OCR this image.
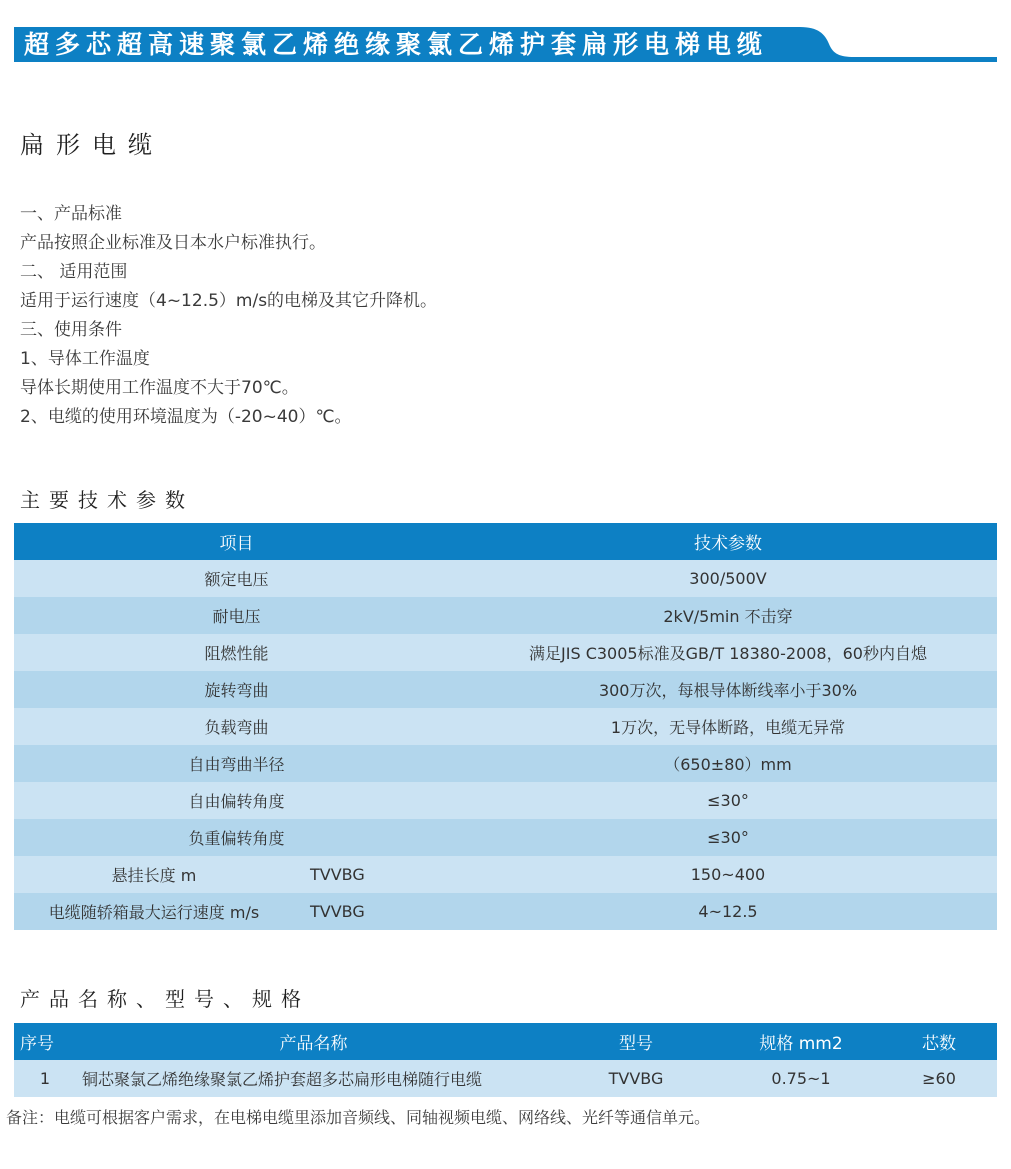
超多芯超高速聚氯乙烯绝缘聚氯乙烯护套扁形电梯电缆
扁形电缆
一、产品标准
产品按照企业标准及日本水户标准执行。
二、 适用范围
适用于运行速度（4~12.5）m/s的电梯及其它升降机。
三、使用条件
1、导体工作温度
导体长期使用工作温度不大于70℃。
2、电缆的使用环境温度为（-20~40）℃。
主要技术参数
项目	技术参数
额定电压	300/500V
耐电压	2kV/5min 不击穿
阻燃性能	满足JIS C3005标准及GB/T 18380-2008，60秒内自熄
旋转弯曲	300万次，每根导体断线率小于30%
负载弯曲	1万次，无导体断路，电缆无异常
自由弯曲半径	（650±80）mm
自由偏转角度	≤30°
负重偏转角度	≤30°
悬挂长度 m	TVVBG	150~400
电缆随轿箱最大运行速度 m/s	TVVBG	4~12.5
产品名称、型号、规格
序号	产品名称	型号	规格 mm2	芯数
1	铜芯聚氯乙烯绝缘聚氯乙烯护套超多芯扁形电梯随行电缆	TVVBG	0.75~1	≥60
备注：电缆可根据客户需求，在电梯电缆里添加音频线、同轴视频电缆、网络线、光纤等通信单元。
